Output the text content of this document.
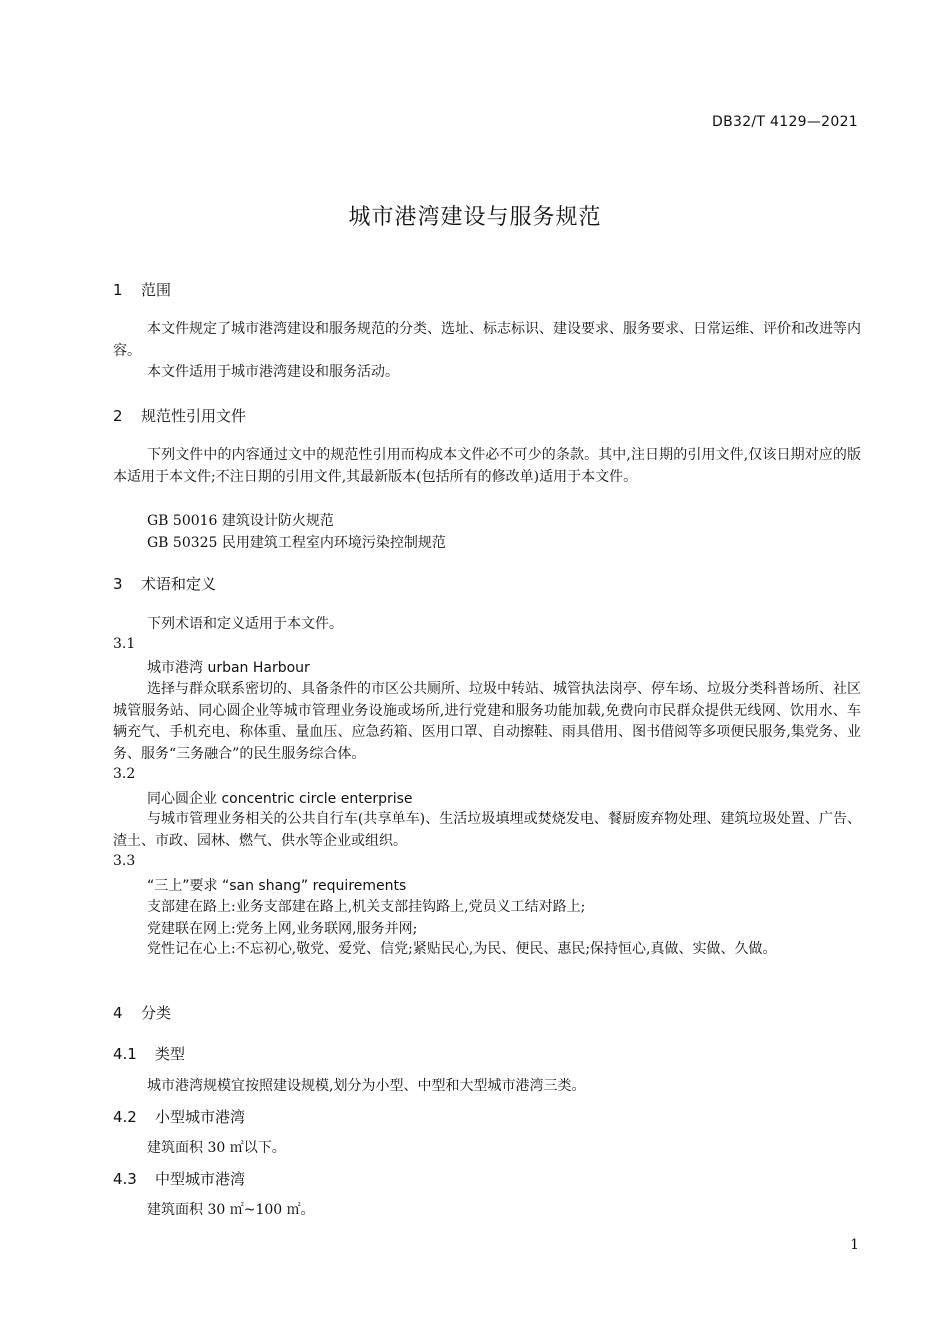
DB32/T 4129—2021
城市港湾建设与服务规范
1 范围
本文件规定了城市港湾建设和服务规范的分类、选址、标志标识、建设要求、服务要求、日常运维、评价和改进等内容。
本文件适用于城市港湾建设和服务活动。
2 规范性引用文件
下列文件中的内容通过文中的规范性引用而构成本文件必不可少的条款。其中,注日期的引用文件,仅该日期对应的版本适用于本文件;不注日期的引用文件,其最新版本(包括所有的修改单)适用于本文件。
GB 50016 建筑设计防火规范
GB 50325 民用建筑工程室内环境污染控制规范
3 术语和定义
下列术语和定义适用于本文件。
3.1
城市港湾 urban Harbour
选择与群众联系密切的、具备条件的市区公共厕所、垃圾中转站、城管执法岗亭、停车场、垃圾分类科普场所、社区城管服务站、同心圆企业等城市管理业务设施或场所,进行党建和服务功能加载,免费向市民群众提供无线网、饮用水、车辆充气、手机充电、称体重、量血压、应急药箱、医用口罩、自动擦鞋、雨具借用、图书借阅等多项便民服务,集党务、业务、服务“三务融合”的民生服务综合体。
3.2
同心圆企业 concentric circle enterprise
与城市管理业务相关的公共自行车(共享单车)、生活垃圾填埋或焚烧发电、餐厨废弃物处理、建筑垃圾处置、广告、渣土、市政、园林、燃气、供水等企业或组织。
3.3
“三上”要求 “san shang” requirements
支部建在路上:业务支部建在路上,机关支部挂钩路上,党员义工结对路上;
党建联在网上:党务上网,业务联网,服务并网;
党性记在心上:不忘初心,敬党、爱党、信党;紧贴民心,为民、便民、惠民;保持恒心,真做、实做、久做。
4 分类
4.1 类型
城市港湾规模宜按照建设规模,划分为小型、中型和大型城市港湾三类。
4.2 小型城市港湾
建筑面积 30 ㎡以下。
4.3 中型城市港湾
建筑面积 30 ㎡~100 ㎡。
1
